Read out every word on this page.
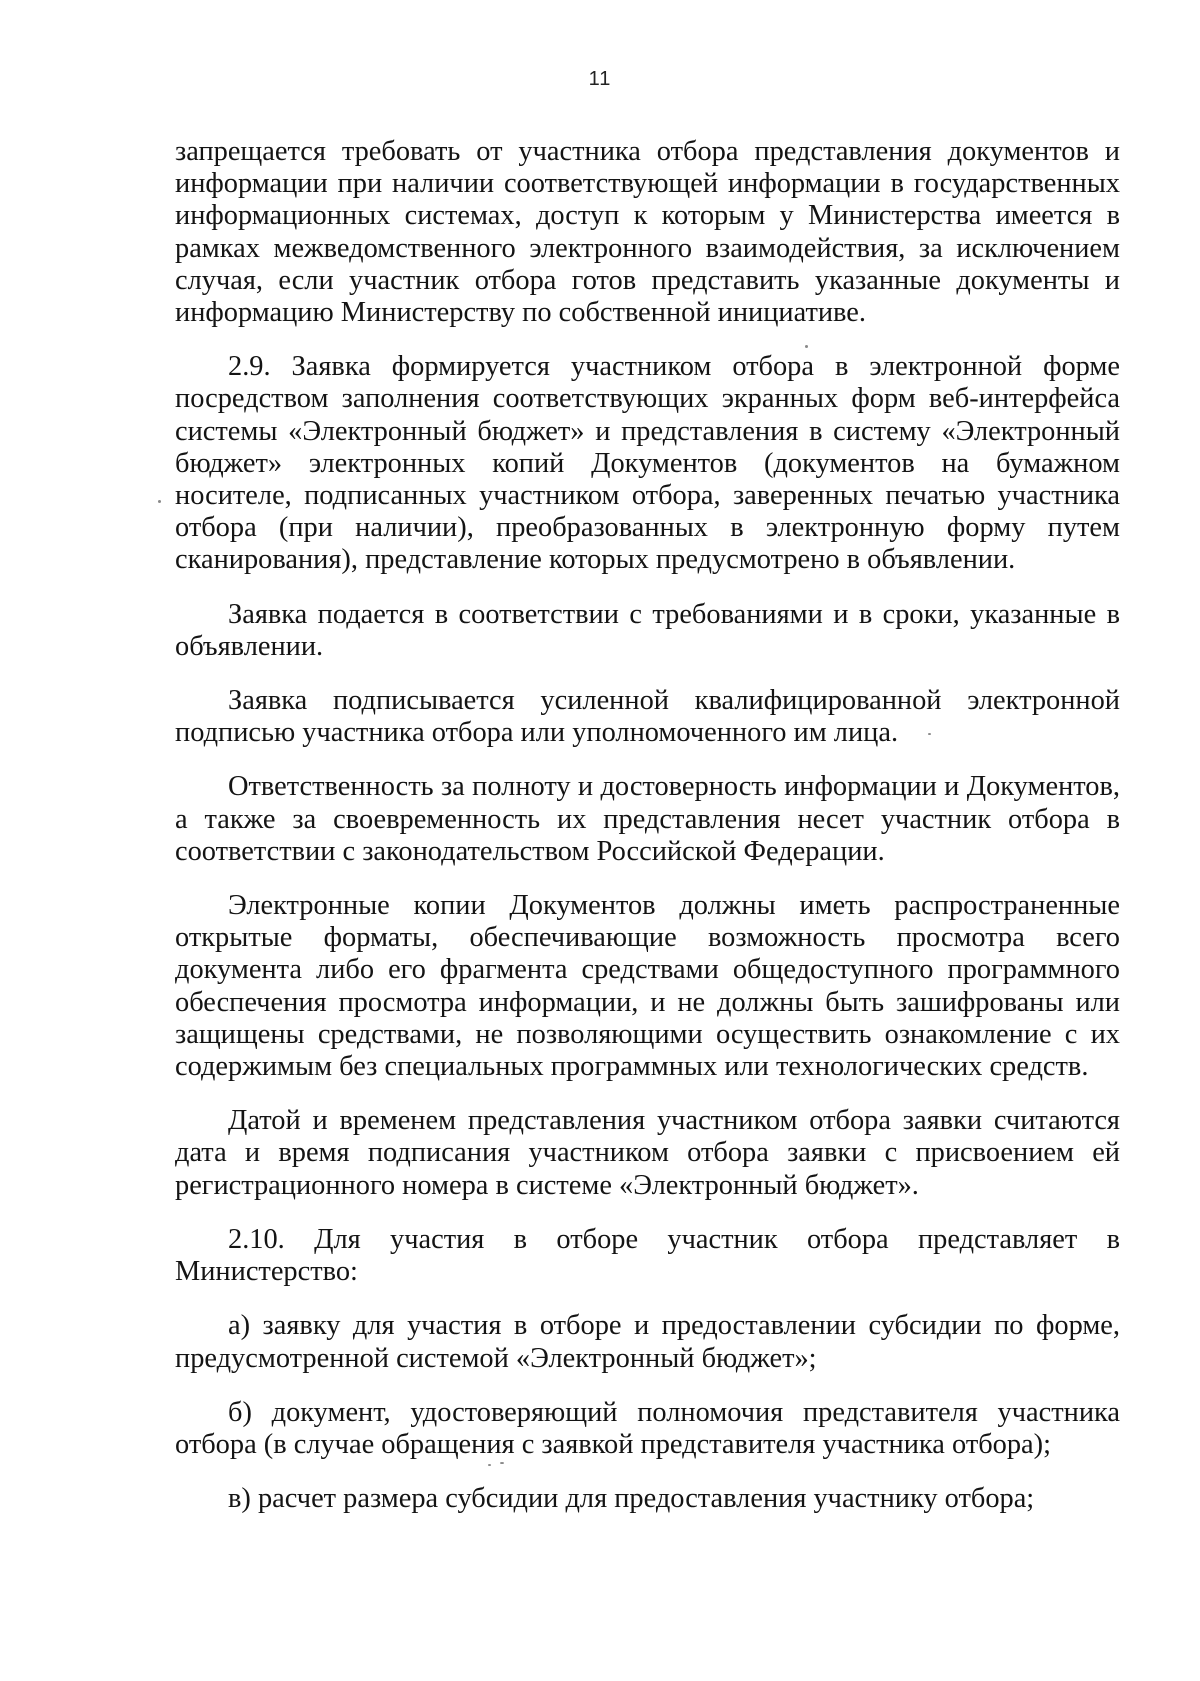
11

запрещается требовать от участника отбора представления документов и информации при наличии соответствующей информации в государственных информационных системах, доступ к которым у Министерства имеется в рамках межведомственного электронного взаимодействия, за исключением случая, если участник отбора готов представить указанные документы и информацию Министерству по собственной инициативе.

2.9. Заявка формируется участником отбора в электронной форме посредством заполнения соответствующих экранных форм веб-интерфейса системы «Электронный бюджет» и представления в систему «Электронный бюджет» электронных копий Документов (документов на бумажном носителе, подписанных участником отбора, заверенных печатью участника отбора (при наличии), преобразованных в электронную форму путем сканирования), представление которых предусмотрено в объявлении.

Заявка подается в соответствии с требованиями и в сроки, указанные в объявлении.

Заявка подписывается усиленной квалифицированной электронной подписью участника отбора или уполномоченного им лица.

Ответственность за полноту и достоверность информации и Документов, а также за своевременность их представления несет участник отбора в соответствии с законодательством Российской Федерации.

Электронные копии Документов должны иметь распространенные открытые форматы, обеспечивающие возможность просмотра всего документа либо его фрагмента средствами общедоступного программного обеспечения просмотра информации, и не должны быть зашифрованы или защищены средствами, не позволяющими осуществить ознакомление с их содержимым без специальных программных или технологических средств.

Датой и временем представления участником отбора заявки считаются дата и время подписания участником отбора заявки с присвоением ей регистрационного номера в системе «Электронный бюджет».

2.10. Для участия в отборе участник отбора представляет в Министерство:

а) заявку для участия в отборе и предоставлении субсидии по форме, предусмотренной системой «Электронный бюджет»;

б) документ, удостоверяющий полномочия представителя участника отбора (в случае обращения с заявкой представителя участника отбора);

в) расчет размера субсидии для предоставления участнику отбора;
